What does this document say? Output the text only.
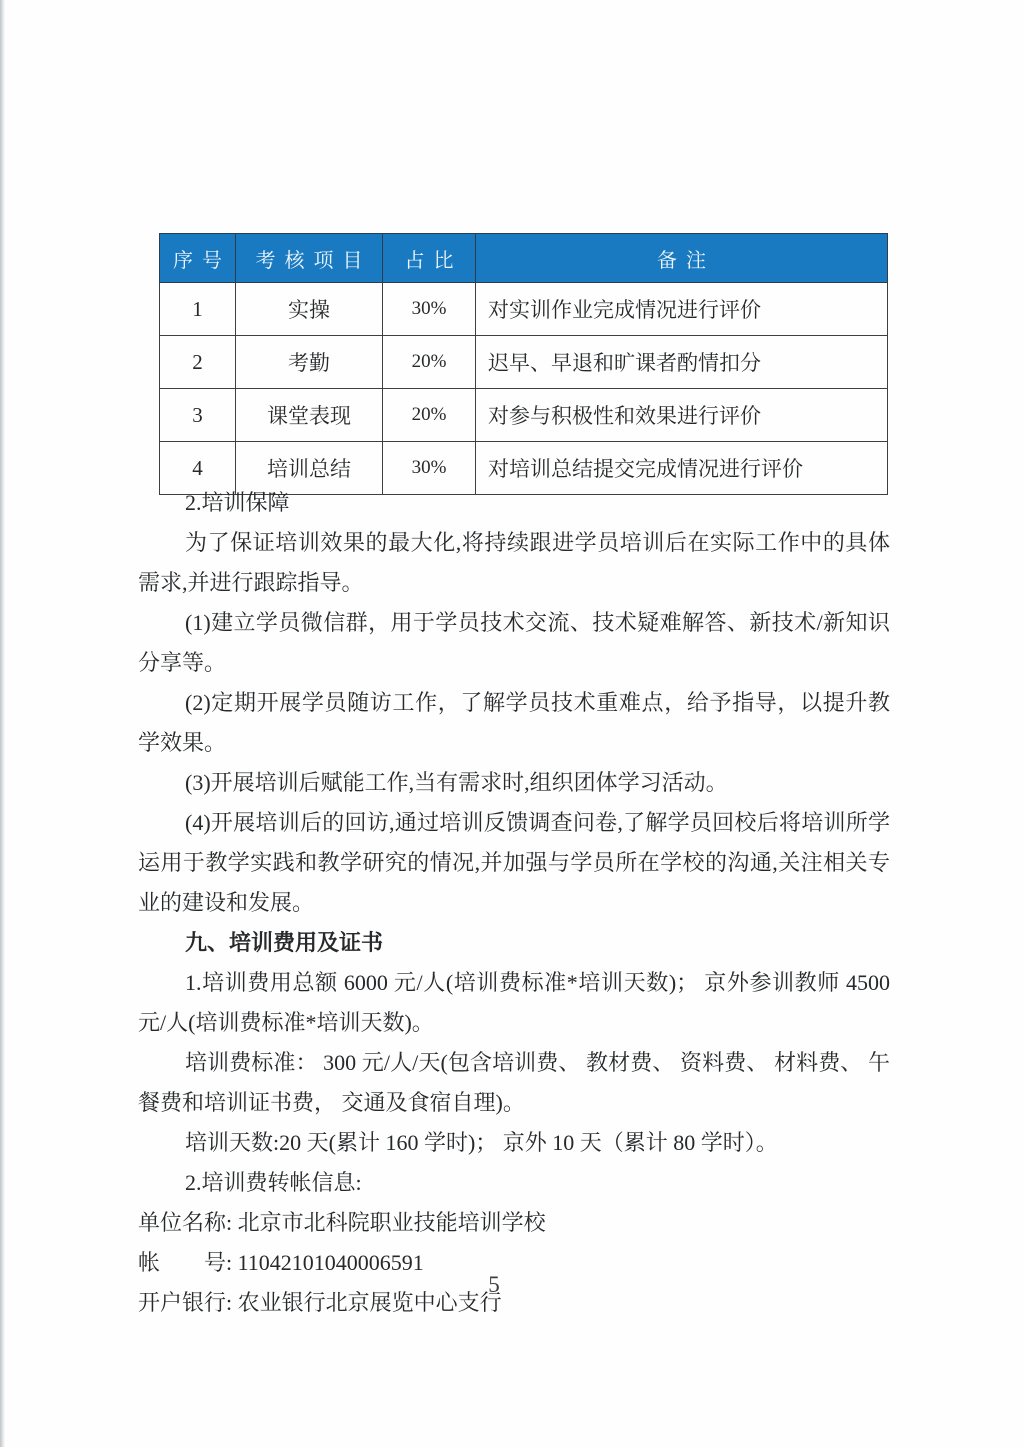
序号	考核项目	占比	备注
1	实操	30%	对实训作业完成情况进行评价
2	考勤	20%	迟早、早退和旷课者酌情扣分
3	课堂表现	20%	对参与积极性和效果进行评价
4	培训总结	30%	对培训总结提交完成情况进行评价

2.培训保障

为了保证培训效果的最大化,将持续跟进学员培训后在实际工作中的具体需求,并进行跟踪指导。

(1)建立学员微信群，用于学员技术交流、技术疑难解答、新技术/新知识分享等。

(2)定期开展学员随访工作，了解学员技术重难点，给予指导，以提升教学效果。

(3)开展培训后赋能工作,当有需求时,组织团体学习活动。

(4)开展培训后的回访,通过培训反馈调查问卷,了解学员回校后将培训所学运用于教学实践和教学研究的情况,并加强与学员所在学校的沟通,关注相关专业的建设和发展。

九、培训费用及证书

1.培训费用总额 6000 元/人(培训费标准*培训天数)； 京外参训教师 4500 元/人(培训费标准*培训天数)。

培训费标准： 300 元/人/天(包含培训费、 教材费、 资料费、 材料费、 午餐费和培训证书费， 交通及食宿自理)。

培训天数:20 天(累计 160 学时)； 京外 10 天（累计 80 学时）。

2.培训费转帐信息:

单位名称: 北京市北科院职业技能培训学校

帐　　号: 11042101040006591

开户银行: 农业银行北京展览中心支行

5
